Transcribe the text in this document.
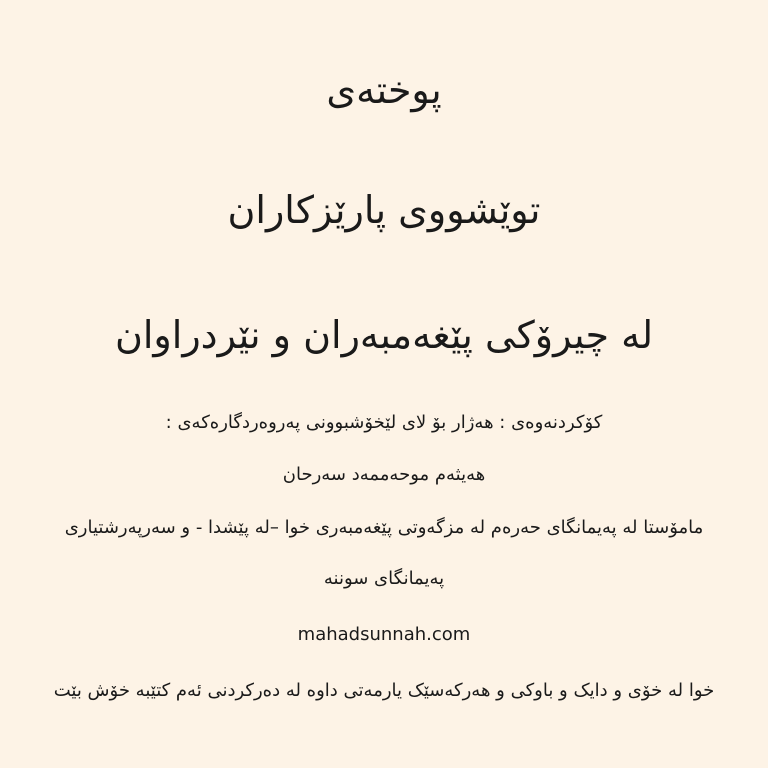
پوختەی
توێشووی پارێزکاران
لە چیرۆکی پێغەمبەران و نێردراوان
کۆکردنەوەی : هەژار بۆ لای لێخۆشبوونی پەروەردگارەکەی :
هەیثەم موحەممەد سەرحان
مامۆستا لە پەیمانگای حەرەم لە مزگەوتی پێغەمبەری خوا –لە پێشدا - و سەرپەرشتیاری
پەیمانگای سوننە
mahadsunnah.com
خوا لە خۆی و دایک و باوکی و هەرکەسێک یارمەتی داوە لە دەرکردنی ئەم کتێبە خۆش بێت
